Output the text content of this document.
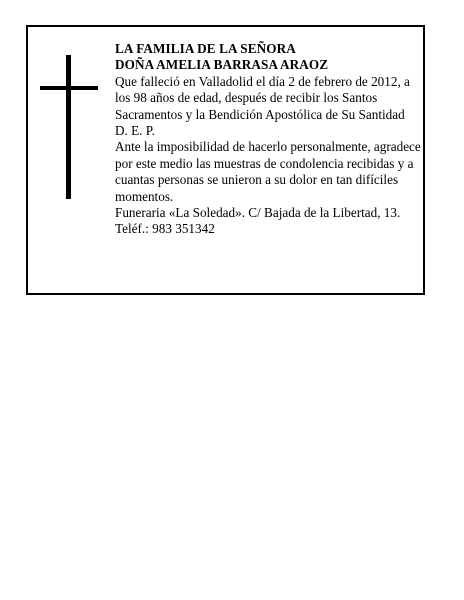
LA FAMILIA DE LA SEÑORA

DOÑA AMELIA BARRASA ARAOZ

Que falleció en Valladolid el día 2 de febrero de 2012, a los 98 años de edad, después de recibir los Santos Sacramentos y la Bendición Apostólica de Su Santidad

D. E. P.

Ante la imposibilidad de hacerlo personalmente, agradece por este medio las muestras de condolencia recibidas y a cuantas personas se unieron a su dolor en tan difíciles momentos.

Funeraria «La Soledad». C/ Bajada de la Libertad, 13.

Teléf.: 983 351342
